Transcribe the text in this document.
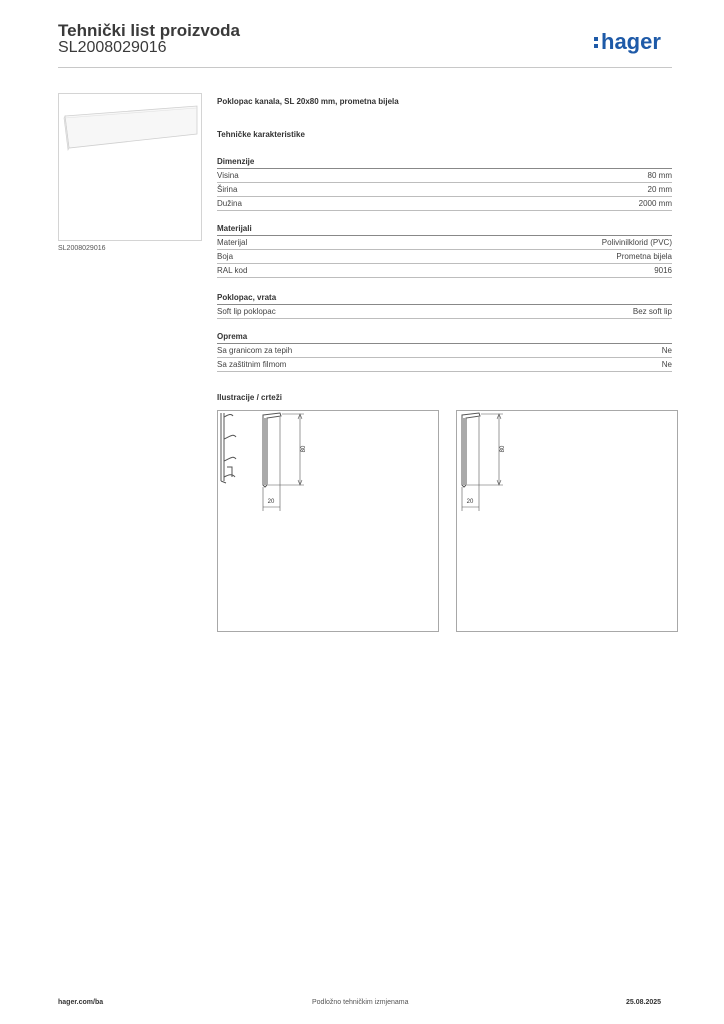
Tehnički list proizvoda
SL2008029016	hager
SL2008029016
Poklopac kanala, SL 20x80 mm, prometna bijela
Tehničke karakteristike
Dimenzije
Visina	80 mm
Širina	20 mm
Dužina	2000 mm
Materijali
Materijal	Polivinilklorid (PVC)
Boja	Prometna bijela
RAL kod	9016
Poklopac, vrata
Soft lip poklopac	Bez soft lip
Oprema
Sa granicom za tepih	Ne
Sa zaštitnim filmom	Ne
Ilustracije / crteži
80
20
80
20
hager.com/ba	Podložno tehničkim izmjenama	25.08.2025
